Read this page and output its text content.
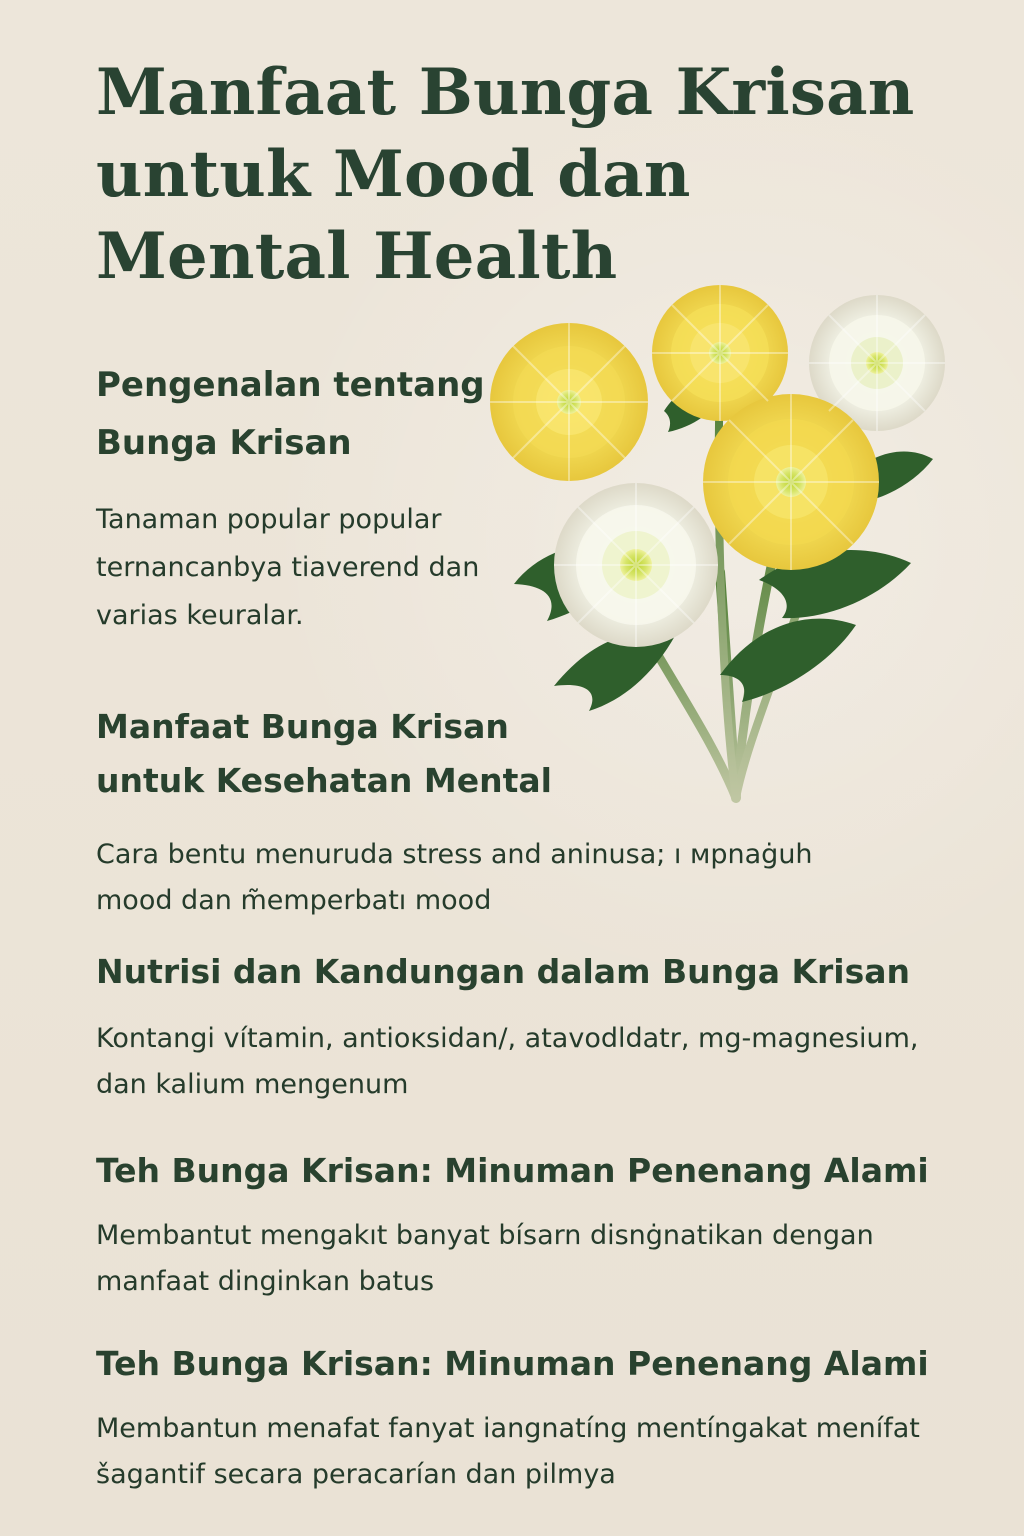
Manfaat Bunga Krisan untuk Mood dan Mental Health
Pengenalan tentang Bunga Krisan

Tanaman popular popular ternancanbya tiaverend dan varias keuralar.

Manfaat Bunga Krisan untuk Kesehatan Mental

Cara bentu menuruda stress and aninusa; ı мpnaġuh mood dan m̃emperbatı mood

Nutrisi dan Kandungan dalam Bunga Krisan

Kontangi vítamin, antioĸsidan/, atavodldatr, mg-magnesium, dan kalium mengenum

Teh Bunga Krisan: Minuman Penenang Alami

Membantut mengakıt banyat bísarn disnġnatikan dengan manfaat dinginkan batus

Teh Bunga Krisan: Minuman Penenang Alami

Membantun menafat fanyat iangnatíng mentíngakat menífat šagantif secara peracarían dan pilmya
